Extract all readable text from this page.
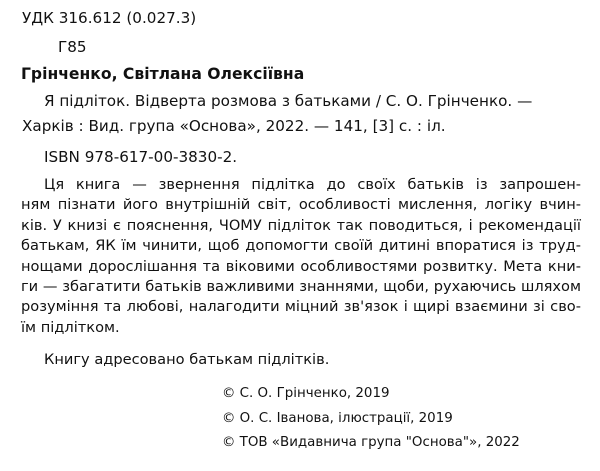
УДК 316.612 (0.027.3)
Г85
Грінченко, Світлана Олексіївна
Я підліток. Відверта розмова з батьками / С. О. Грінченко. —
Харків : Вид. група «Основа», 2022. — 141, [3] с. : іл.
ISBN 978-617-00-3830-2.
Ця книга — звернення підлітка до своїх батьків із запрошен-
ням пізнати його внутрішній світ, особливості мислення, логіку вчин-
ків. У книзі є пояснення, ЧОМУ підліток так поводиться, і рекомендації
батькам, ЯК їм чинити, щоб допомогти своїй дитині впоратися із труд-
нощами дорослішання та віковими особливостями розвитку. Мета кни-
ги — збагатити батьків важливими знаннями, щоби, рухаючись шляхом
розуміння та любові, налагодити міцний зв'язок і щирі взаємини зі сво-
їм підлітком.
Книгу адресовано батькам підлітків.
© С. О. Грінченко, 2019
© О. С. Іванова, ілюстрації, 2019
© ТОВ «Видавнича група "Основа"», 2022
